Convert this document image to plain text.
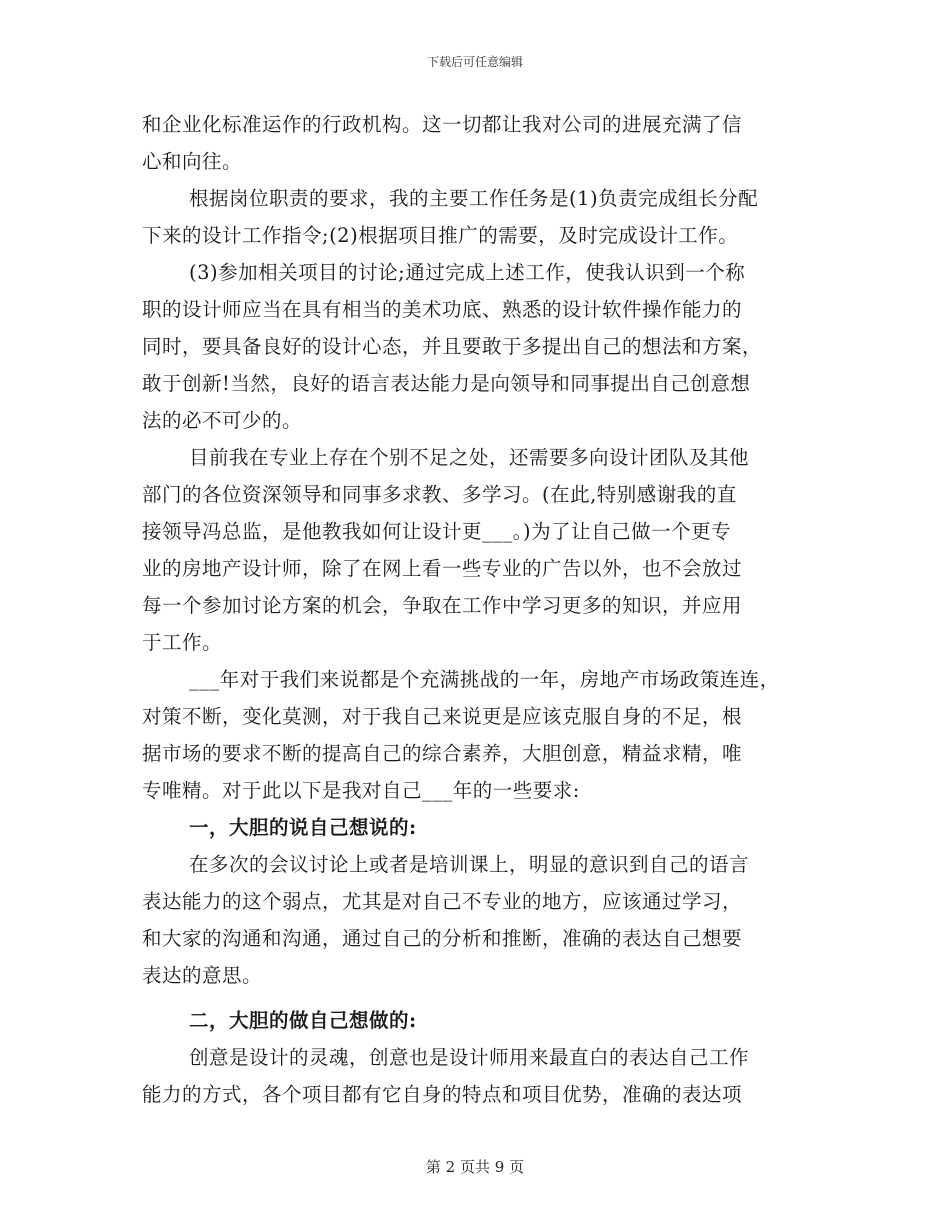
下载后可任意编辑
和企业化标准运作的行政机构。这一切都让我对公司的进展充满了信
心和向往。
根据岗位职责的要求，我的主要工作任务是(1)负责完成组长分配
下来的设计工作指令;(2)根据项目推广的需要，及时完成设计工作。
(3)参加相关项目的讨论;通过完成上述工作，使我认识到一个称
职的设计师应当在具有相当的美术功底、熟悉的设计软件操作能力的
同时，要具备良好的设计心态，并且要敢于多提出自己的想法和方案，
敢于创新!当然，良好的语言表达能力是向领导和同事提出自己创意想
法的必不可少的。
目前我在专业上存在个别不足之处，还需要多向设计团队及其他
部门的各位资深领导和同事多求教、多学习。(在此,特别感谢我的直
接领导冯总监，是他教我如何让设计更___。)为了让自己做一个更专
业的房地产设计师，除了在网上看一些专业的广告以外，也不会放过
每一个参加讨论方案的机会，争取在工作中学习更多的知识，并应用
于工作。
___年对于我们来说都是个充满挑战的一年，房地产市场政策连连，
对策不断，变化莫测，对于我自己来说更是应该克服自身的不足，根
据市场的要求不断的提高自己的综合素养，大胆创意，精益求精，唯
专唯精。对于此以下是我对自己___年的一些要求:
一，大胆的说自己想说的:
在多次的会议讨论上或者是培训课上，明显的意识到自己的语言
表达能力的这个弱点，尤其是对自己不专业的地方，应该通过学习，
和大家的沟通和沟通，通过自己的分析和推断，准确的表达自己想要
表达的意思。
二，大胆的做自己想做的:
创意是设计的灵魂，创意也是设计师用来最直白的表达自己工作
能力的方式，各个项目都有它自身的特点和项目优势，准确的表达项
第 2 页共 9 页
